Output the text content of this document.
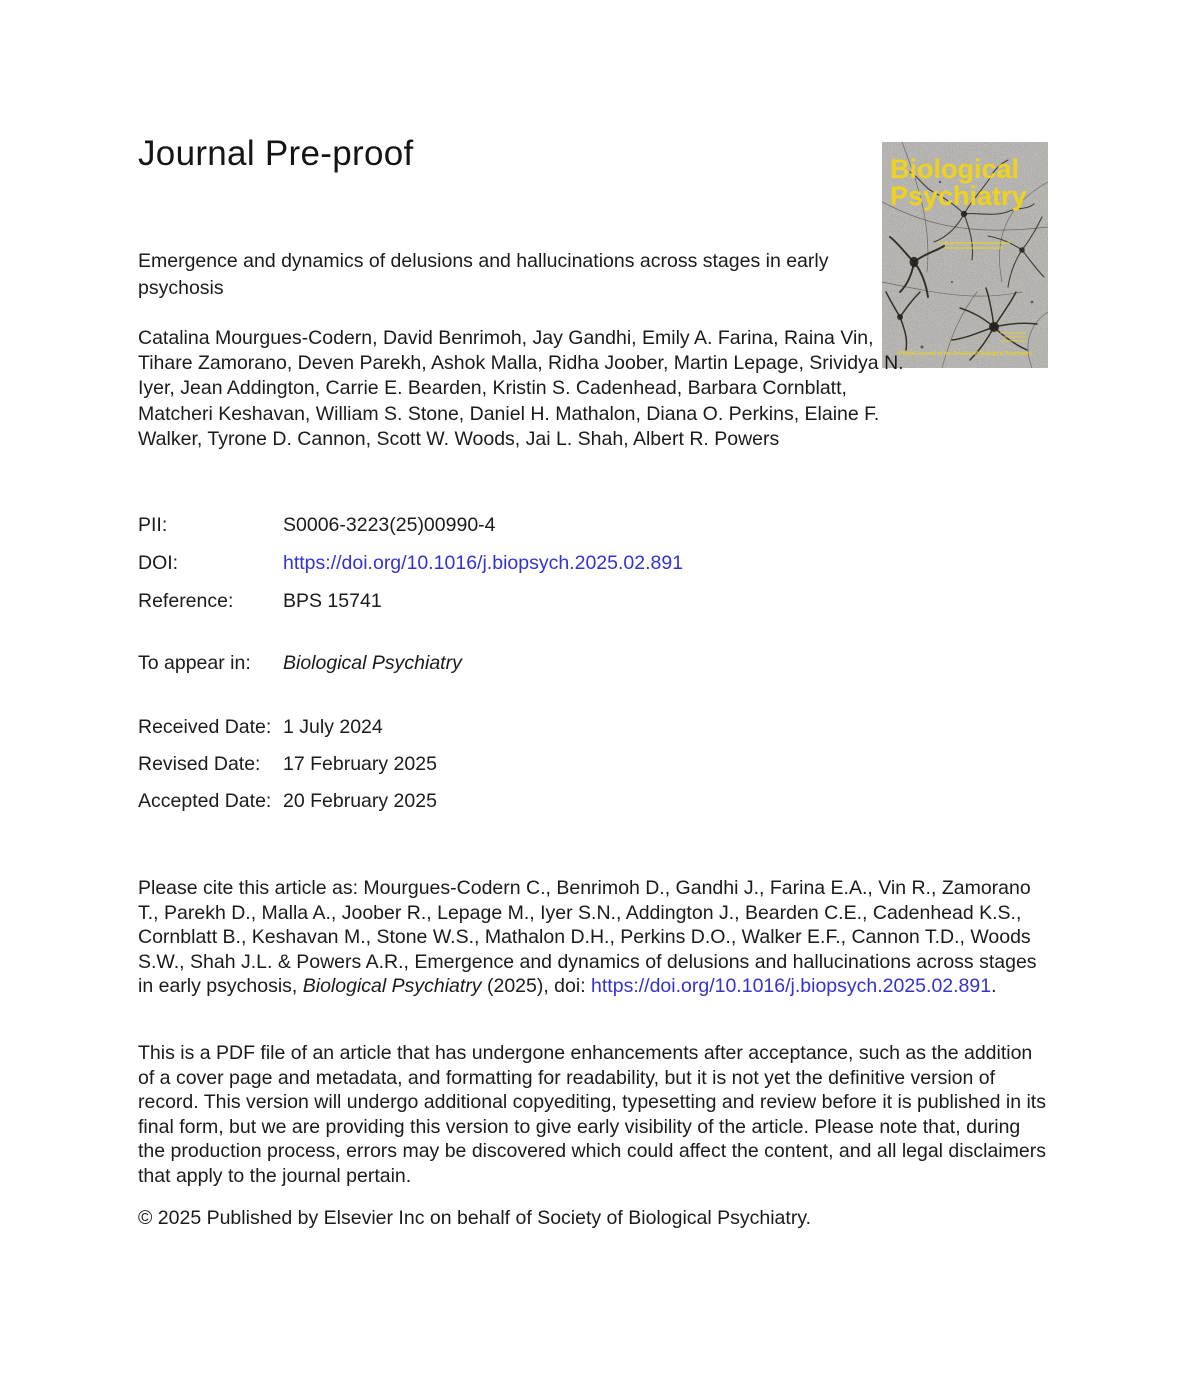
Journal Pre-proof	Biological
Psychiatry
Official Journal of the Society of Biological Psychiatry
Emergence and dynamics of delusions and hallucinations across stages in early psychosis
Catalina Mourgues-Codern, David Benrimoh, Jay Gandhi, Emily A. Farina, Raina Vin, Tihare Zamorano, Deven Parekh, Ashok Malla, Ridha Joober, Martin Lepage, Srividya N. Iyer, Jean Addington, Carrie E. Bearden, Kristin S. Cadenhead, Barbara Cornblatt, Matcheri Keshavan, William S. Stone, Daniel H. Mathalon, Diana O. Perkins, Elaine F. Walker, Tyrone D. Cannon, Scott W. Woods, Jai L. Shah, Albert R. Powers
PII:	S0006-3223(25)00990-4
DOI:	https://doi.org/10.1016/j.biopsych.2025.02.891
Reference:	BPS 15741
To appear in: Biological Psychiatry
Received Date: 1 July 2024
Revised Date: 17 February 2025
Accepted Date: 20 February 2025
Please cite this article as: Mourgues-Codern C., Benrimoh D., Gandhi J., Farina E.A., Vin R., Zamorano T., Parekh D., Malla A., Joober R., Lepage M., Iyer S.N., Addington J., Bearden C.E., Cadenhead K.S., Cornblatt B., Keshavan M., Stone W.S., Mathalon D.H., Perkins D.O., Walker E.F., Cannon T.D., Woods S.W., Shah J.L. & Powers A.R., Emergence and dynamics of delusions and hallucinations across stages in early psychosis, Biological Psychiatry (2025), doi: https://doi.org/10.1016/j.biopsych.2025.02.891.
This is a PDF file of an article that has undergone enhancements after acceptance, such as the addition of a cover page and metadata, and formatting for readability, but it is not yet the definitive version of record. This version will undergo additional copyediting, typesetting and review before it is published in its final form, but we are providing this version to give early visibility of the article. Please note that, during the production process, errors may be discovered which could affect the content, and all legal disclaimers that apply to the journal pertain.
© 2025 Published by Elsevier Inc on behalf of Society of Biological Psychiatry.
